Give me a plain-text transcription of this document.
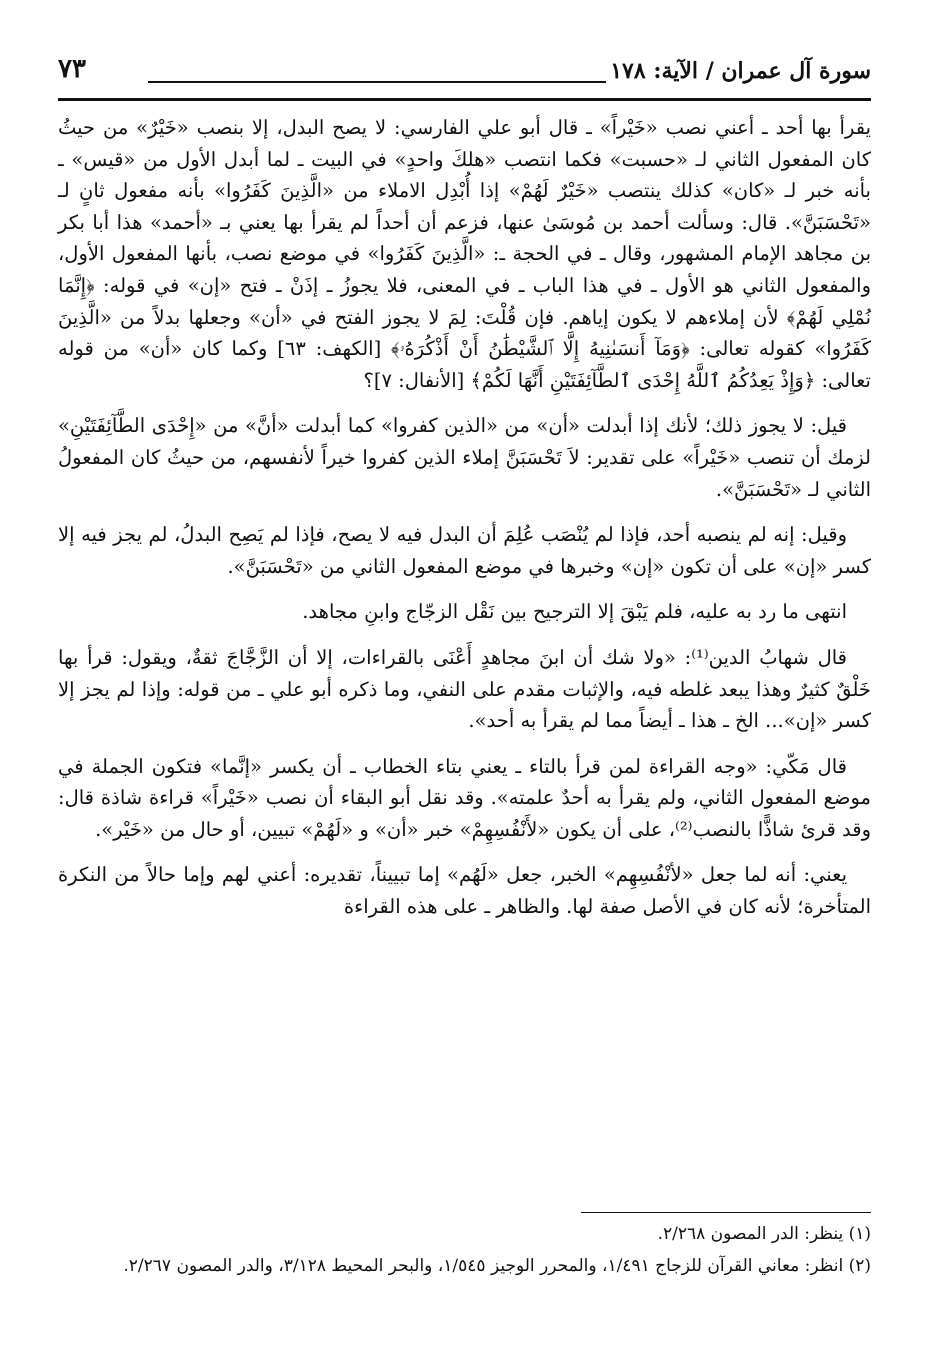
سورة آل عمران / الآية: ١٧٨
٧٣

يقرأ بها أحد ـ أعني نصب «خَيْراً» ـ قال أبو علي الفارسي: لا يصح البدل، إلا بنصب «خَيْرٌ» من حيثُ كان المفعول الثاني لـ «حسبت» فكما انتصب «هلكَ واحدٍ» في البيت ـ لما أبدل الأول من «قيس» ـ بأنه خبر لـ «كان» كذلك ينتصب «خَيْرٌ لَهُمْ» إذا أُبْدِل الاملاء من «الَّذِينَ كَفَرُوا» بأنه مفعول ثانٍ لـ «تَحْسَبَنَّ». قال: وسألت أحمد بن مُوسَىٰ عنها، فزعم أن أحداً لم يقرأ بها يعني بـ «أحمد» هذا أبا بكر بن مجاهد الإمام المشهور، وقال ـ في الحجة ـ: «الَّذِينَ كَفَرُوا» في موضع نصب، بأنها المفعول الأول، والمفعول الثاني هو الأول ـ في هذا الباب ـ في المعنى، فلا يجوزُ ـ إذَنْ ـ فتح «إن» في قوله: ﴿إِنَّمَا نُمْلِي لَهُمْ﴾ لأن إملاءهم لا يكون إياهم. فإن قُلْتَ: لِمَ لا يجوز الفتح في «أن» وجعلها بدلاً من «الَّذِينَ كَفَرُوا» كقوله تعالى: ﴿وَمَآ أَنسَىٰنِيهُ إِلَّا ٱلشَّيْطَٰنُ أَنْ أَذْكُرَهُۥ﴾ [الكهف: ٦٣] وكما كان «أن» من قوله تعالى: ﴿وَإِذْ يَعِدُكُمُ ٱللَّهُ إِحْدَى ٱلطَّآئِفَتَيْنِ أَنَّهَا لَكُمْ﴾ [الأنفال: ٧]؟

قيل: لا يجوز ذلك؛ لأنك إذا أبدلت «أن» من «الذين كفروا» كما أبدلت «أنَّ» من «إِحْدَى الطَّآئِفَتَيْنِ» لزمك أن تنصب «خَيْراً» على تقدير: لاَ تَحْسَبَنَّ إملاء الذين كفروا خيراً لأنفسهم، من حيثُ كان المفعولُ الثاني لـ «تَحْسَبَنَّ».

وقيل: إنه لم ينصبه أحد، فإذا لم يُنْصَب عُلِمَ أن البدل فيه لا يصح، فإذا لم يَصِح البدلُ، لم يجز فيه إلا كسر «إن» على أن تكون «إن» وخبرها في موضع المفعول الثاني من «تَحْسَبَنَّ».

انتهى ما رد به عليه، فلم يَبْقَ إلا الترجيح بين نَقْل الزجّاج وابنِ مجاهد.

قال شهابُ الدين⁽¹⁾: «ولا شك أن ابنَ مجاهدٍ أَعْنَى بالقراءات، إلا أن الزَّجَّاجَ ثقةٌ، ويقول: قرأ بها خَلْقٌ كثيرٌ وهذا يبعد غلطه فيه، والإثبات مقدم على النفي، وما ذكره أبو علي ـ من قوله: وإذا لم يجز إلا كسر «إن»... الخ ـ هذا ـ أيضاً مما لم يقرأ به أحد».

قال مَكّي: «وجه القراءة لمن قرأ بالتاء ـ يعني بتاء الخطاب ـ أن يكسر «إنَّما» فتكون الجملة في موضع المفعول الثاني، ولم يقرأ به أحدٌ علمته». وقد نقل أبو البقاء أن نصب «خَيْراً» قراءة شاذة قال: وقد قرئ شاذًّا بالنصب⁽²⁾، على أن يكون «لأَنْفُسِهِمْ» خبر «أن» و «لَهُمْ» تبيين، أو حال من «خَيْر».

يعني: أنه لما جعل «لأنْفُسِهِم» الخبر، جعل «لَهُم» إما تبييناً، تقديره: أعني لهم وإما حالاً من النكرة المتأخرة؛ لأنه كان في الأصل صفة لها. والظاهر ـ على هذه القراءة

(١) ينظر: الدر المصون ٢/٢٦٨.

(٢) انظر: معاني القرآن للزجاج ١/٤٩١، والمحرر الوجيز ١/٥٤٥، والبحر المحيط ٣/١٢٨، والدر المصون ٢/٢٦٧.
